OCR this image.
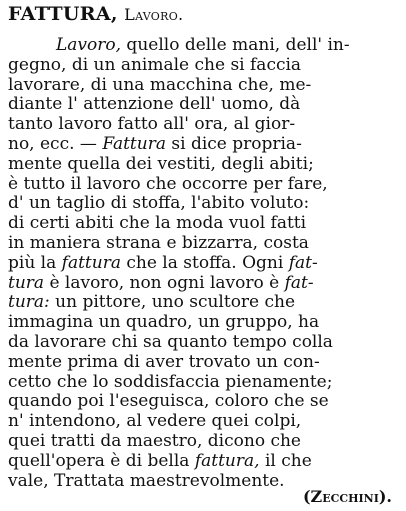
FATTURA, Lavoro.
Lavoro, quello delle mani, dell' in-
gegno, di un animale che si faccia
lavorare, di una macchina che, me-
diante l' attenzione dell' uomo, dà
tanto lavoro fatto all' ora, al gior-
no, ecc. — Fattura si dice propria-
mente quella dei vestiti, degli abiti;
è tutto il lavoro che occorre per fare,
d' un taglio di stoffa, l'abito voluto:
di certi abiti che la moda vuol fatti
in maniera strana e bizzarra, costa
più la fattura che la stoffa. Ogni fat-
tura è lavoro, non ogni lavoro è fat-
tura: un pittore, uno scultore che
immagina un quadro, un gruppo, ha
da lavorare chi sa quanto tempo colla
mente prima di aver trovato un con-
cetto che lo soddisfaccia pienamente;
quando poi l'eseguisca, coloro che se
n' intendono, al vedere quei colpi,
quei tratti da maestro, dicono che
quell'opera è di bella fattura, il che
vale, Trattata maestrevolmente.
(Zecchini).
